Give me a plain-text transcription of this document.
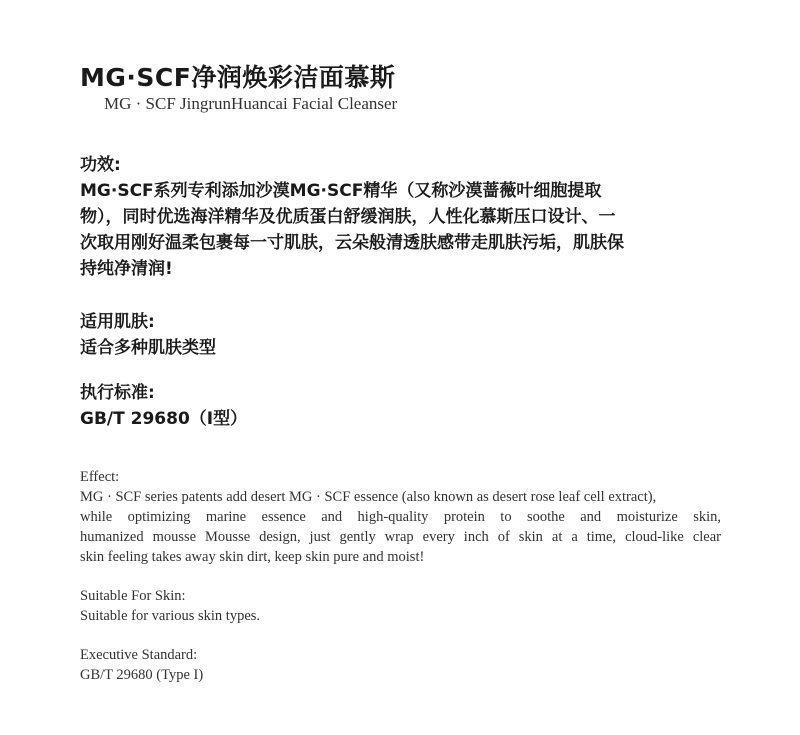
MG·SCF净润焕彩洁面慕斯
MG · SCF JingrunHuancai Facial Cleanser
功效:
MG·SCF系列专利添加沙漠MG·SCF精华（又称沙漠蔷薇叶细胞提取
物），同时优选海洋精华及优质蛋白舒缓润肤，人性化慕斯压口设计、一
次取用刚好温柔包裹每一寸肌肤，云朵般清透肤感带走肌肤污垢，肌肤保
持纯净清润!
适用肌肤:
适合多种肌肤类型
执行标准:
GB/T 29680（Ⅰ型）
Effect:
MG · SCF series patents add desert MG · SCF essence (also known as desert rose leaf cell extract),
while optimizing marine essence and high-quality protein to soothe and moisturize skin,
humanized mousse Mousse design, just gently wrap every inch of skin at a time, cloud-like clear
skin feeling takes away skin dirt, keep skin pure and moist!
Suitable For Skin:
Suitable for various skin types.
Executive Standard:
GB/T 29680 (Type I)
